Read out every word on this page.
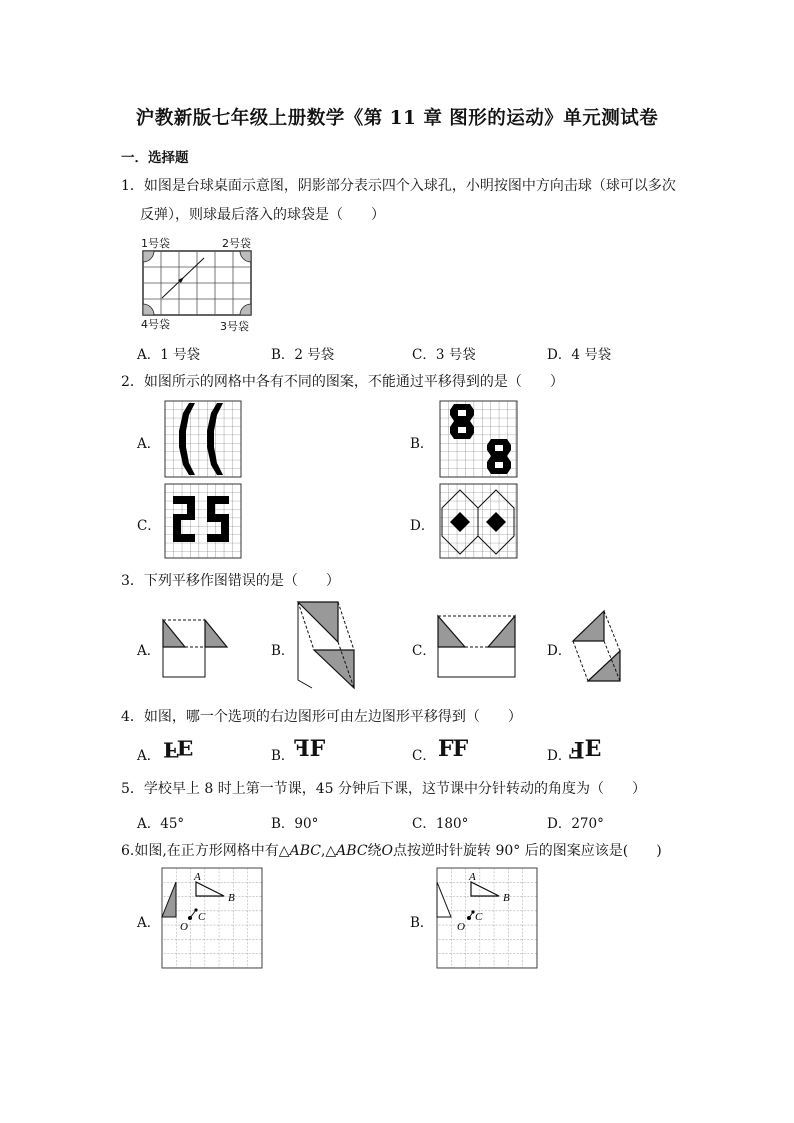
沪教新版七年级上册数学《第 11 章 图形的运动》单元测试卷
一．选择题
1．如图是台球桌面示意图，阴影部分表示四个入球孔，小明按图中方向击球（球可以多次
反弹），则球最后落入的球袋是（　　）
1号袋	2号袋
4号袋	3号袋
A．1 号袋	B．2 号袋	C．3 号袋	D．4 号袋
2．如图所示的网格中各有不同的图案，不能通过平移得到的是（　　）
A．	B．
C．	D．
3．下列平移作图错误的是（　　）
A．	B．	C．	D．
4．如图，哪一个选项的右边图形可由左边图形平移得到（　　）
A． FE	B． FF	C． FF	D． FE
5．学校早上 8 时上第一节课，45 分钟后下课，这节课中分针转动的角度为（　　）
A．45°	B．90°	C．180°	D．270°
6.如图,在正方形网格中有△ABC,△ABC绕O点按逆时针旋转 90° 后的图案应该是(　　)
A．
A
B
C
O	B．
A
B
C
O
